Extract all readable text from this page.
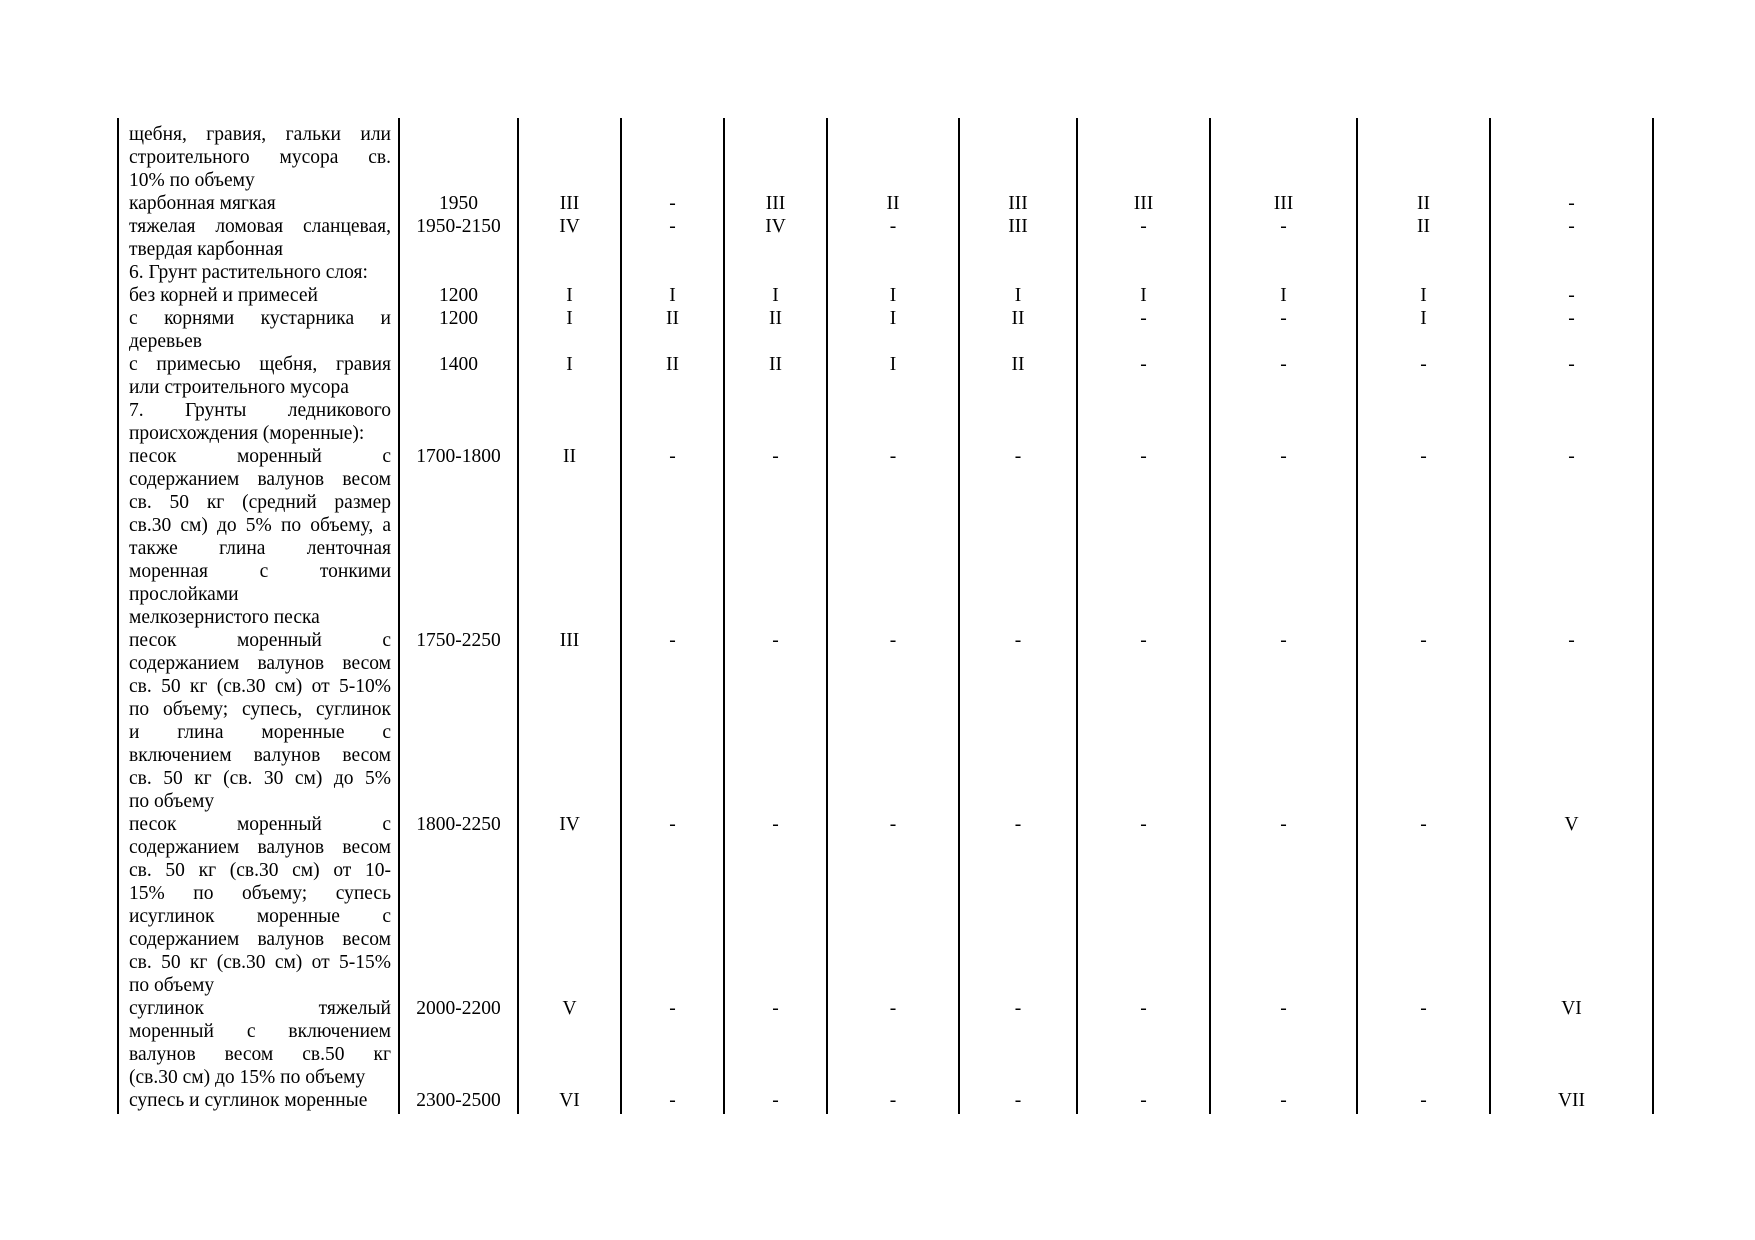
щебня, гравия, гальки или
строительного мусора св.
10% по объему
карбонная мягкая	1950	III	-	III	II	III	III	III	II	-
тяжелая ломовая сланцевая,
твердая карбонная
1950-2150	IV	-	IV	-	III	-	-	II	-
6. Грунт растительного слоя:
без корней и примесей	1200	I	I	I	I	I	I	I	I	-
с корнями кустарника и
деревьев
1200	I	II	II	I	II	-	-	I	-
с примесью щебня, гравия
или строительного мусора
1400	I	II	II	I	II	-	-	-	-
7. Грунты ледникового
происхождения (моренные):
песок моренный с
содержанием валунов весом
св. 50 кг (средний размер
св.30 см) до 5% по объему, а
также глина ленточная
моренная с тонкими
прослойками
мелкозернистого песка
1700-1800	II	-	-	-	-	-	-	-	-
песок моренный с
содержанием валунов весом
св. 50 кг (св.30 см) от 5-10%
по объему; супесь, суглинок
и глина моренные с
включением валунов весом
св. 50 кг (св. 30 см) до 5%
по объему
1750-2250	III	-	-	-	-	-	-	-	-
песок моренный с
содержанием валунов весом
св. 50 кг (св.30 см) от 10-
15% по объему; супесь
исуглинок моренные с
содержанием валунов весом
св. 50 кг (св.30 см) от 5-15%
по объему
1800-2250	IV	-	-	-	-	-	-	-	V
суглинок тяжелый
моренный с включением
валунов весом св.50 кг
(св.30 см) до 15% по объему
2000-2200	V	-	-	-	-	-	-	-	VI
супесь и суглинок моренные	2300-2500	VI	-	-	-	-	-	-	-	VII
